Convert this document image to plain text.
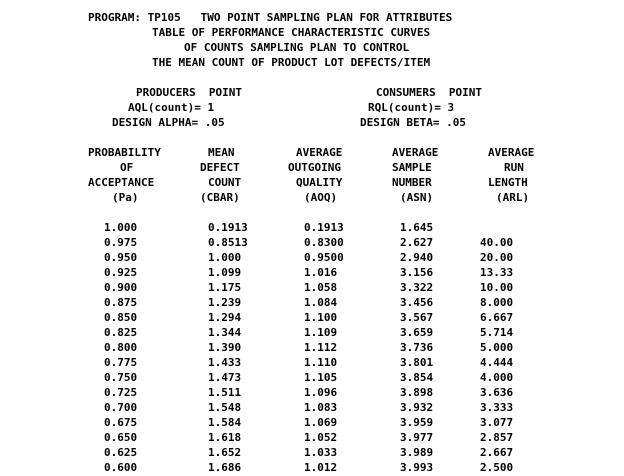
PROGRAM: TP105   TWO POINT SAMPLING PLAN FOR ATTRIBUTES
TABLE OF PERFORMANCE CHARACTERISTIC CURVES
OF COUNTS SAMPLING PLAN TO CONTROL
THE MEAN COUNT OF PRODUCT LOT DEFECTS/ITEM
PRODUCERS  POINT	CONSUMERS  POINT
AQL(count)= 1	RQL(count)= 3
DESIGN ALPHA= .05	DESIGN BETA= .05
PROBABILITY
OF
ACCEPTANCE
(Pa)
MEAN
DEFECT
COUNT
(CBAR)
AVERAGE
OUTGOING
QUALITY
(AOQ)
AVERAGE
SAMPLE
NUMBER
(ASN)
AVERAGE
RUN
LENGTH
(ARL)
1.000	0.1913	0.1913	1.645
0.975	0.8513	0.8300	2.627	40.00
0.950	1.000	0.9500	2.940	20.00
0.925	1.099	1.016	3.156	13.33
0.900	1.175	1.058	3.322	10.00
0.875	1.239	1.084	3.456	8.000
0.850	1.294	1.100	3.567	6.667
0.825	1.344	1.109	3.659	5.714
0.800	1.390	1.112	3.736	5.000
0.775	1.433	1.110	3.801	4.444
0.750	1.473	1.105	3.854	4.000
0.725	1.511	1.096	3.898	3.636
0.700	1.548	1.083	3.932	3.333
0.675	1.584	1.069	3.959	3.077
0.650	1.618	1.052	3.977	2.857
0.625	1.652	1.033	3.989	2.667
0.600	1.686	1.012	3.993	2.500
